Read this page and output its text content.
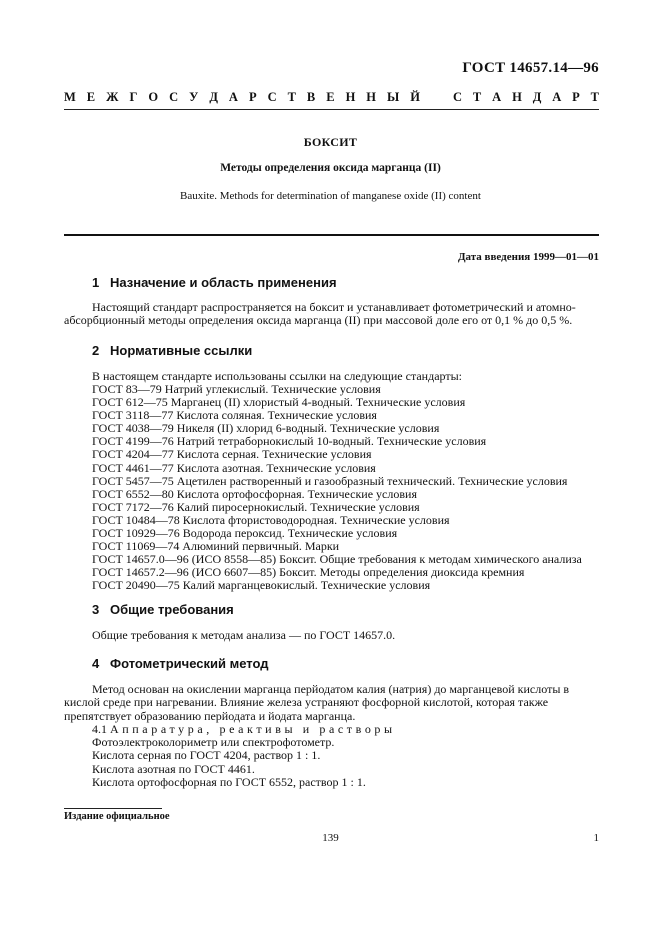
ГОСТ 14657.14—96
М Е Ж Г О С У Д А Р С Т В Е Н Н Ы Й	С Т А Н Д А Р Т
БОКСИТ
Методы определения оксида марганца (II)
Bauxite. Methods for determination of manganese oxide (II) content
Дата введения 1999—01—01
1 Назначение и область применения
Настоящий стандарт распространяется на боксит и устанавливает фотометрический и атомно-
абсорбционный методы определения оксида марганца (II) при массовой доле его от 0,1 % до 0,5 %.
2 Нормативные ссылки
В настоящем стандарте использованы ссылки на следующие стандарты:
ГОСТ 83—79 Натрий углекислый. Технические условия
ГОСТ 612—75 Марганец (II) хлористый 4-водный. Технические условия
ГОСТ 3118—77 Кислота соляная. Технические условия
ГОСТ 4038—79 Никеля (II) хлорид 6-водный. Технические условия
ГОСТ 4199—76 Натрий тетраборнокислый 10-водный. Технические условия
ГОСТ 4204—77 Кислота серная. Технические условия
ГОСТ 4461—77 Кислота азотная. Технические условия
ГОСТ 5457—75 Ацетилен растворенный и газообразный технический. Технические условия
ГОСТ 6552—80 Кислота ортофосфорная. Технические условия
ГОСТ 7172—76 Калий пиросернокислый. Технические условия
ГОСТ 10484—78 Кислота фтористоводородная. Технические условия
ГОСТ 10929—76 Водорода пероксид. Технические условия
ГОСТ 11069—74 Алюминий первичный. Марки
ГОСТ 14657.0—96 (ИСО 8558—85) Боксит. Общие требования к методам химического анализа
ГОСТ 14657.2—96 (ИСО 6607—85) Боксит. Методы определения диоксида кремния
ГОСТ 20490—75 Калий марганцевокислый. Технические условия
3 Общие требования
Общие требования к методам анализа — по ГОСТ 14657.0.
4 Фотометрический метод
Метод основан на окислении марганца перйодатом калия (натрия) до марганцевой кислоты в
кислой среде при нагревании. Влияние железа устраняют фосфорной кислотой, которая также
препятствует образованию перйодата и йодата марганца.
4.1 Аппаратура, реактивы и растворы
Фотоэлектроколориметр или спектрофотометр.
Кислота серная по ГОСТ 4204, раствор 1 : 1.
Кислота азотная по ГОСТ 4461.
Кислота ортофосфорная по ГОСТ 6552, раствор 1 : 1.
Издание официальное
139	1
